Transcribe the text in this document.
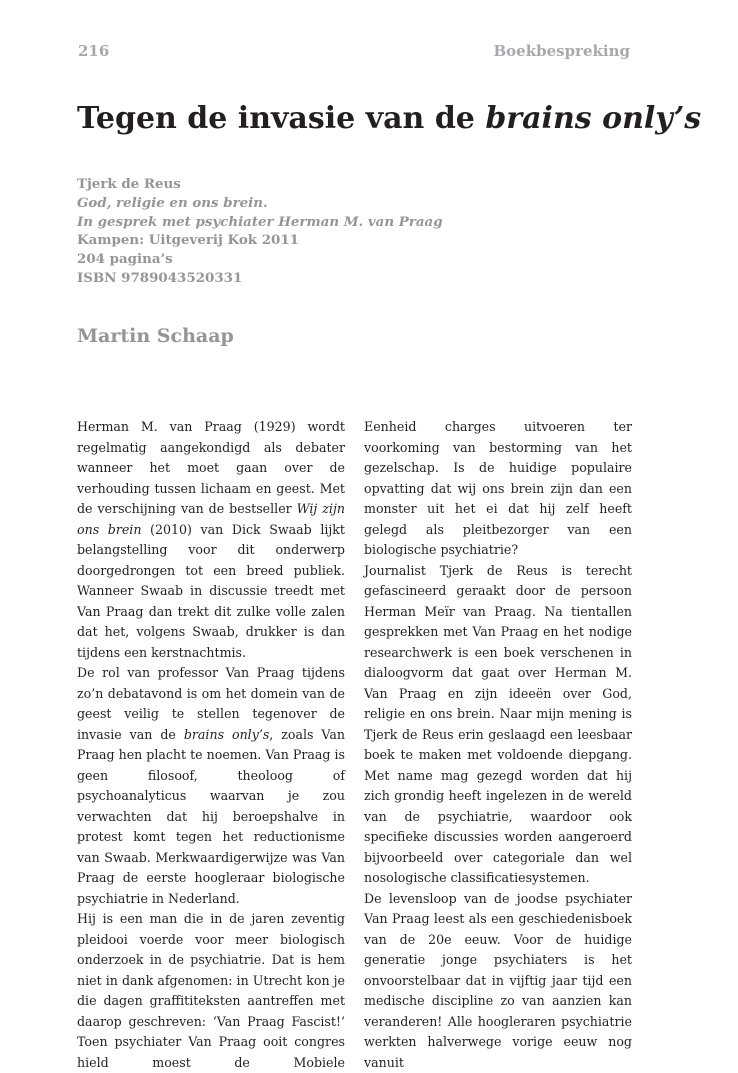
216	Boekbespreking
Tegen de invasie van de brains only’s
Tjerk de Reus
God, religie en ons brein.
In gesprek met psychiater Herman M. van Praag
Kampen: Uitgeverij Kok 2011
204 pagina’s
ISBN 9789043520331
Martin Schaap

Herman M. van Praag (1929) wordt regelmatig aangekondigd als debater wanneer het moet gaan over de verhouding tussen lichaam en geest. Met de verschijning van de bestseller Wij zijn ons brein (2010) van Dick Swaab lijkt belangstelling voor dit onderwerp doorgedrongen tot een breed publiek. Wanneer Swaab in discussie treedt met Van Praag dan trekt dit zulke volle zalen dat het, volgens Swaab, drukker is dan tijdens een kerstnachtmis.

De rol van professor Van Praag tijdens zo’n debatavond is om het domein van de geest veilig te stellen tegenover de invasie van de brains only’s, zoals Van Praag hen placht te noemen. Van Praag is geen filosoof, theoloog of psychoanalyticus waarvan je zou verwachten dat hij beroepshalve in protest komt tegen het reductionisme van Swaab. Merkwaardigerwijze was Van Praag de eerste hoogleraar biologische psychiatrie in Nederland.

Hij is een man die in de jaren zeventig pleidooi voerde voor meer biologisch onderzoek in de psychiatrie. Dat is hem niet in dank afgenomen: in Utrecht kon je die dagen graffititeksten aantreffen met daarop geschreven: ‘Van Praag Fascist!’ Toen psychiater Van Praag ooit congres hield moest de Mobiele

Eenheid charges uitvoeren ter voorkoming van bestorming van het gezelschap. Is de huidige populaire opvatting dat wij ons brein zijn dan een monster uit het ei dat hij zelf heeft gelegd als pleitbezorger van een biologische psychiatrie?

Journalist Tjerk de Reus is terecht gefascineerd geraakt door de persoon Herman Meïr van Praag. Na tientallen gesprekken met Van Praag en het nodige researchwerk is een boek verschenen in dialoogvorm dat gaat over Herman M. Van Praag en zijn ideeën over God, religie en ons brein. Naar mijn mening is Tjerk de Reus erin geslaagd een leesbaar boek te maken met voldoende diepgang. Met name mag gezegd worden dat hij zich grondig heeft ingelezen in de wereld van de psychiatrie, waardoor ook specifieke discussies worden aangeroerd bijvoorbeeld over categoriale dan wel nosologische classificatiesystemen.

De levensloop van de joodse psychiater Van Praag leest als een geschiedenisboek van de 20e eeuw. Voor de huidige generatie jonge psychiaters is het onvoorstelbaar dat in vijftig jaar tijd een medische discipline zo van aanzien kan veranderen! Alle hoogleraren psychiatrie werkten halverwege vorige eeuw nog vanuit
